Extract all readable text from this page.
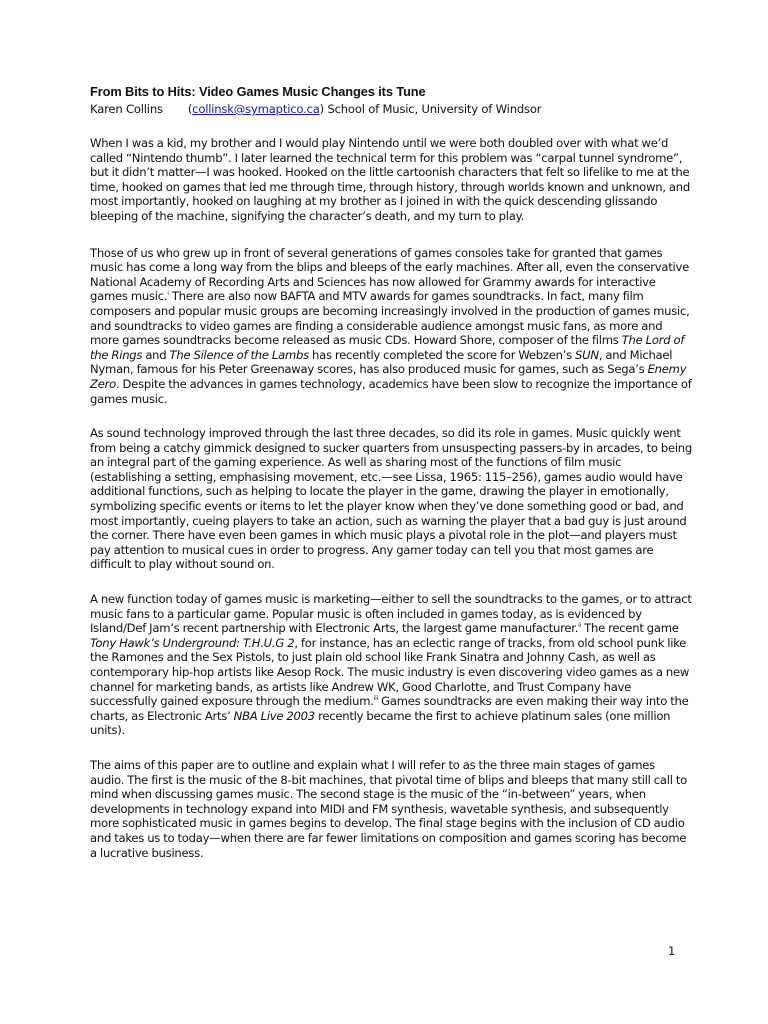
From Bits to Hits: Video Games Music Changes its Tune

Karen Collins (collinsk@symaptico.ca) School of Music, University of Windsor

When I was a kid, my brother and I would play Nintendo until we were both doubled over with what we’d called “Nintendo thumb”. I later learned the technical term for this problem was “carpal tunnel syndrome”, but it didn’t matter—I was hooked. Hooked on the little cartoonish characters that felt so lifelike to me at the time, hooked on games that led me through time, through history, through worlds known and unknown, and most importantly, hooked on laughing at my brother as I joined in with the quick descending glissando bleeping of the machine, signifying the character’s death, and my turn to play.

Those of us who grew up in front of several generations of games consoles take for granted that games music has come a long way from the blips and bleeps of the early machines. After all, even the conservative National Academy of Recording Arts and Sciences has now allowed for Grammy awards for interactive games music.$^i$ There are also now BAFTA and MTV awards for games soundtracks. In fact, many film composers and popular music groups are becoming increasingly involved in the production of games music, and soundtracks to video games are finding a considerable audience amongst music fans, as more and more games soundtracks become released as music CDs. Howard Shore, composer of the films The Lord of the Rings and The Silence of the Lambs has recently completed the score for Webzen’s SUN, and Michael Nyman, famous for his Peter Greenaway scores, has also produced music for games, such as Sega’s Enemy Zero. Despite the advances in games technology, academics have been slow to recognize the importance of games music.

As sound technology improved through the last three decades, so did its role in games. Music quickly went from being a catchy gimmick designed to sucker quarters from unsuspecting passers-by in arcades, to being an integral part of the gaming experience. As well as sharing most of the functions of film music (establishing a setting, emphasising movement, etc.—see Lissa, 1965: 115–256), games audio would have additional functions, such as helping to locate the player in the game, drawing the player in emotionally, symbolizing specific events or items to let the player know when they’ve done something good or bad, and most importantly, cueing players to take an action, such as warning the player that a bad guy is just around the corner. There have even been games in which music plays a pivotal role in the plot—and players must pay attention to musical cues in order to progress. Any gamer today can tell you that most games are difficult to play without sound on.

A new function today of games music is marketing—either to sell the soundtracks to the games, or to attract music fans to a particular game. Popular music is often included in games today, as is evidenced by Island/Def Jam’s recent partnership with Electronic Arts, the largest game manufacturer.$^{ii}$ The recent game Tony Hawk’s Underground: T.H.U.G 2, for instance, has an eclectic range of tracks, from old school punk like the Ramones and the Sex Pistols, to just plain old school like Frank Sinatra and Johnny Cash, as well as contemporary hip-hop artists like Aesop Rock. The music industry is even discovering video games as a new channel for marketing bands, as artists like Andrew WK, Good Charlotte, and Trust Company have successfully gained exposure through the medium.$^{iii}$ Games soundtracks are even making their way into the charts, as Electronic Arts’ NBA Live 2003 recently became the first to achieve platinum sales (one million units).

The aims of this paper are to outline and explain what I will refer to as the three main stages of games audio. The first is the music of the 8-bit machines, that pivotal time of blips and bleeps that many still call to mind when discussing games music. The second stage is the music of the “in-between” years, when developments in technology expand into MIDI and FM synthesis, wavetable synthesis, and subsequently more sophisticated music in games begins to develop. The final stage begins with the inclusion of CD audio and takes us to today—when there are far fewer limitations on composition and games scoring has become a lucrative business.

1
